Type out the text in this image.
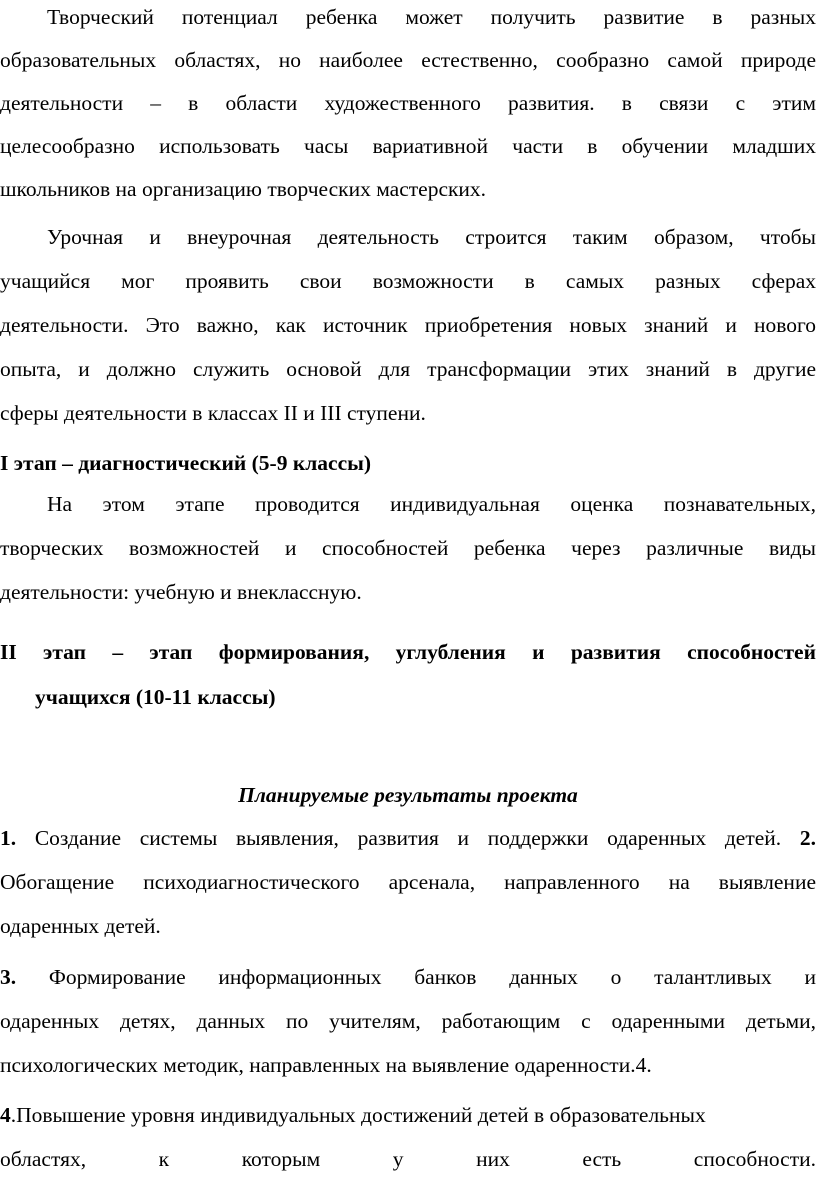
Творческий потенциал ребенка может получить развитие в разных
образовательных областях, но наиболее естественно, сообразно самой природе
деятельности – в области художественного развития. в связи с этим
целесообразно использовать часы вариативной части в обучении младших
школьников на организацию творческих мастерских.
Урочная и внеурочная деятельность строится таким образом, чтобы
учащийся мог проявить свои возможности в самых разных сферах
деятельности. Это важно, как источник приобретения новых знаний и нового
опыта, и должно служить основой для трансформации этих знаний в другие
сферы деятельности в классах II и III ступени.
I этап – диагностический (5-9 классы)
На этом этапе проводится индивидуальная оценка познавательных,
творческих возможностей и способностей ребенка через различные виды
деятельности: учебную и внеклассную.
II этап – этап формирования, углубления и развития способностей
учащихся (10-11 классы)
Планируемые результаты проекта
1. Создание системы выявления, развития и поддержки одаренных детей. 2.
Обогащение психодиагностического арсенала, направленного на выявление
одаренных детей.
3. Формирование информационных банков данных о талантливых и
одаренных детях, данных по учителям, работающим с одаренными детьми,
психологических методик, направленных на выявление одаренности.4.
4.Повышение уровня индивидуальных достижений детей в образовательных
областях, к которым у них есть способности.
